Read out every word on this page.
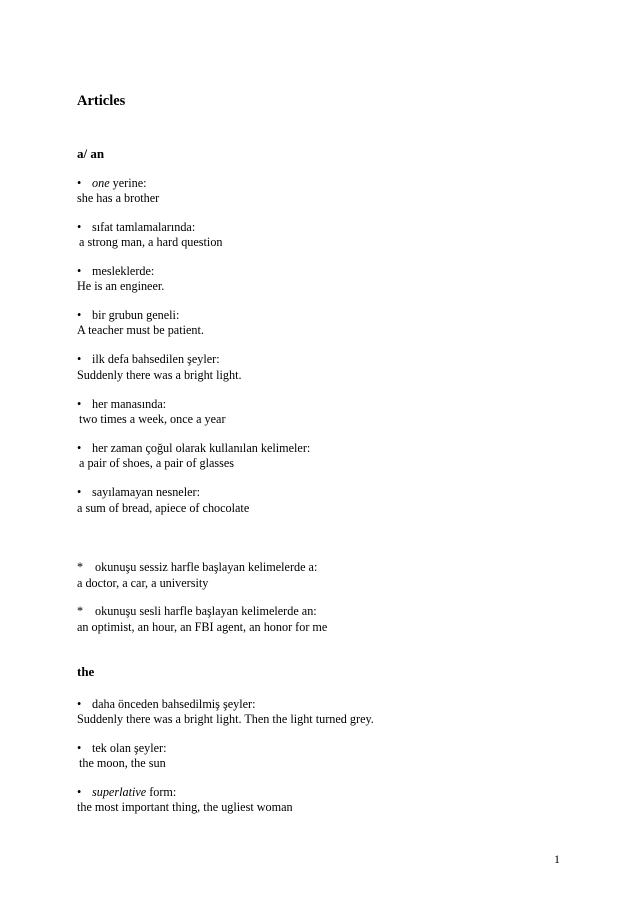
Articles
a/ an
• one yerine:
she has a brother
• sıfat tamlamalarında:
a strong man, a hard question
• mesleklerde:
He is an engineer.
• bir grubun geneli:
A teacher must be patient.
• ilk defa bahsedilen şeyler:
Suddenly there was a bright light.
• her manasında:
two times a week, once a year
• her zaman çoğul olarak kullanılan kelimeler:
a pair of shoes, a pair of glasses
• sayılamayan nesneler:
a sum of bread, apiece of chocolate
* okunuşu sessiz harfle başlayan kelimelerde a:
a doctor, a car, a university
* okunuşu sesli harfle başlayan kelimelerde an:
an optimist, an hour, an FBI agent, an honor for me
the
• daha önceden bahsedilmiş şeyler:
Suddenly there was a bright light. Then the light turned grey.
• tek olan şeyler:
the moon, the sun
• superlative form:
the most important thing, the ugliest woman
1
